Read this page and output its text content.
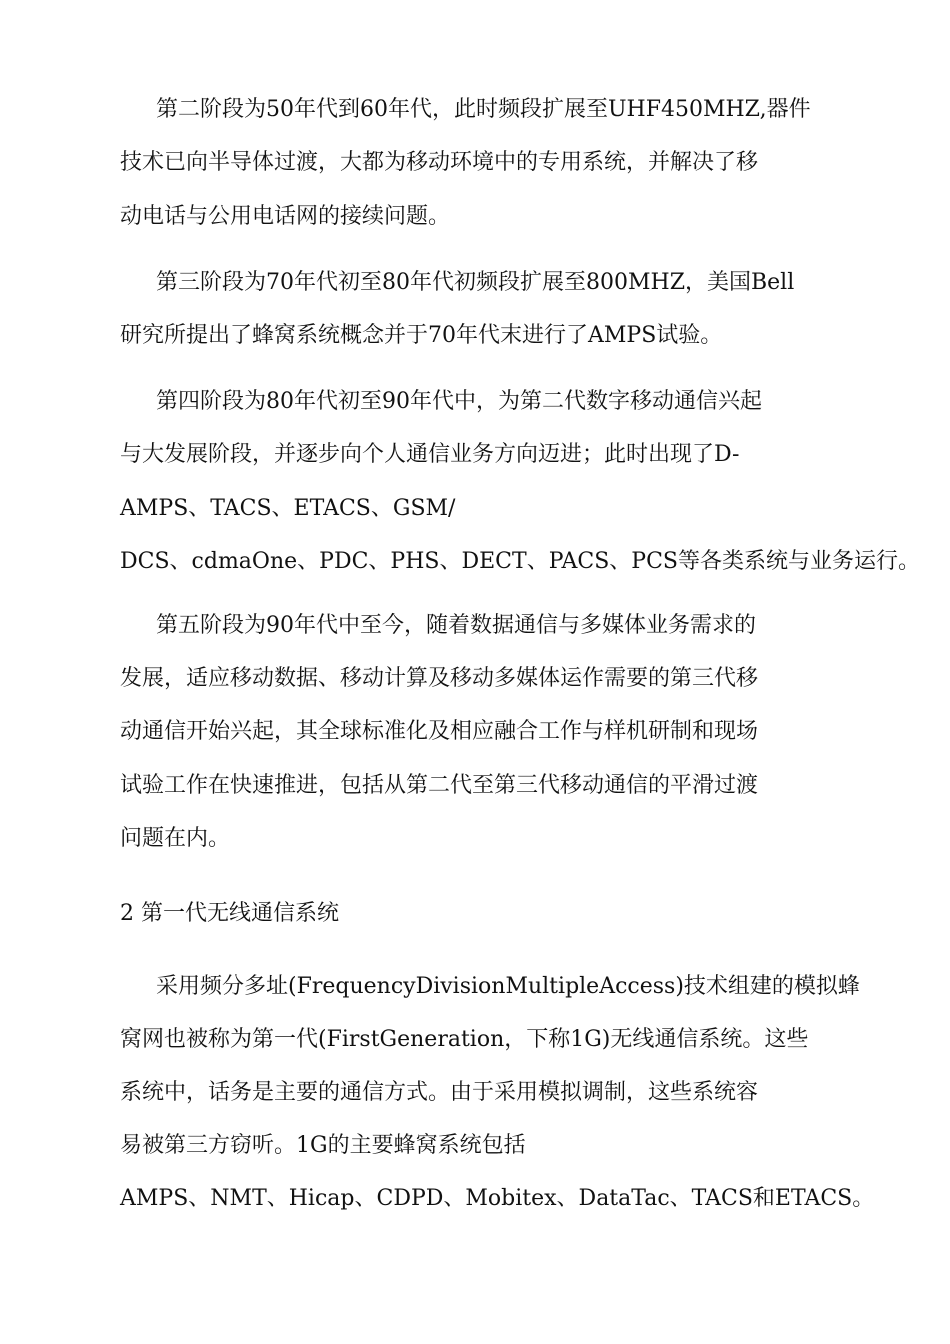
第二阶段为50年代到60年代，此时频段扩展至UHF450MHZ,器件
技术已向半导体过渡，大都为移动环境中的专用系统，并解决了移
动电话与公用电话网的接续问题。
第三阶段为70年代初至80年代初频段扩展至800MHZ，美国Bell
研究所提出了蜂窝系统概念并于70年代末进行了AMPS试验。
第四阶段为80年代初至90年代中，为第二代数字移动通信兴起
与大发展阶段，并逐步向个人通信业务方向迈进；此时出现了D-
AMPS、TACS、ETACS、GSM/
DCS、cdmaOne、PDC、PHS、DECT、PACS、PCS等各类系统与业务运行。
第五阶段为90年代中至今，随着数据通信与多媒体业务需求的
发展，适应移动数据、移动计算及移动多媒体运作需要的第三代移
动通信开始兴起，其全球标准化及相应融合工作与样机研制和现场
试验工作在快速推进，包括从第二代至第三代移动通信的平滑过渡
问题在内。
2 第一代无线通信系统
采用频分多址(FrequencyDivisionMultipleAccess)技术组建的模拟蜂
窝网也被称为第一代(FirstGeneration，下称1G)无线通信系统。这些
系统中，话务是主要的通信方式。由于采用模拟调制，这些系统容
易被第三方窃听。1G的主要蜂窝系统包括
AMPS、NMT、Hicap、CDPD、Mobitex、DataTac、TACS和ETACS。
